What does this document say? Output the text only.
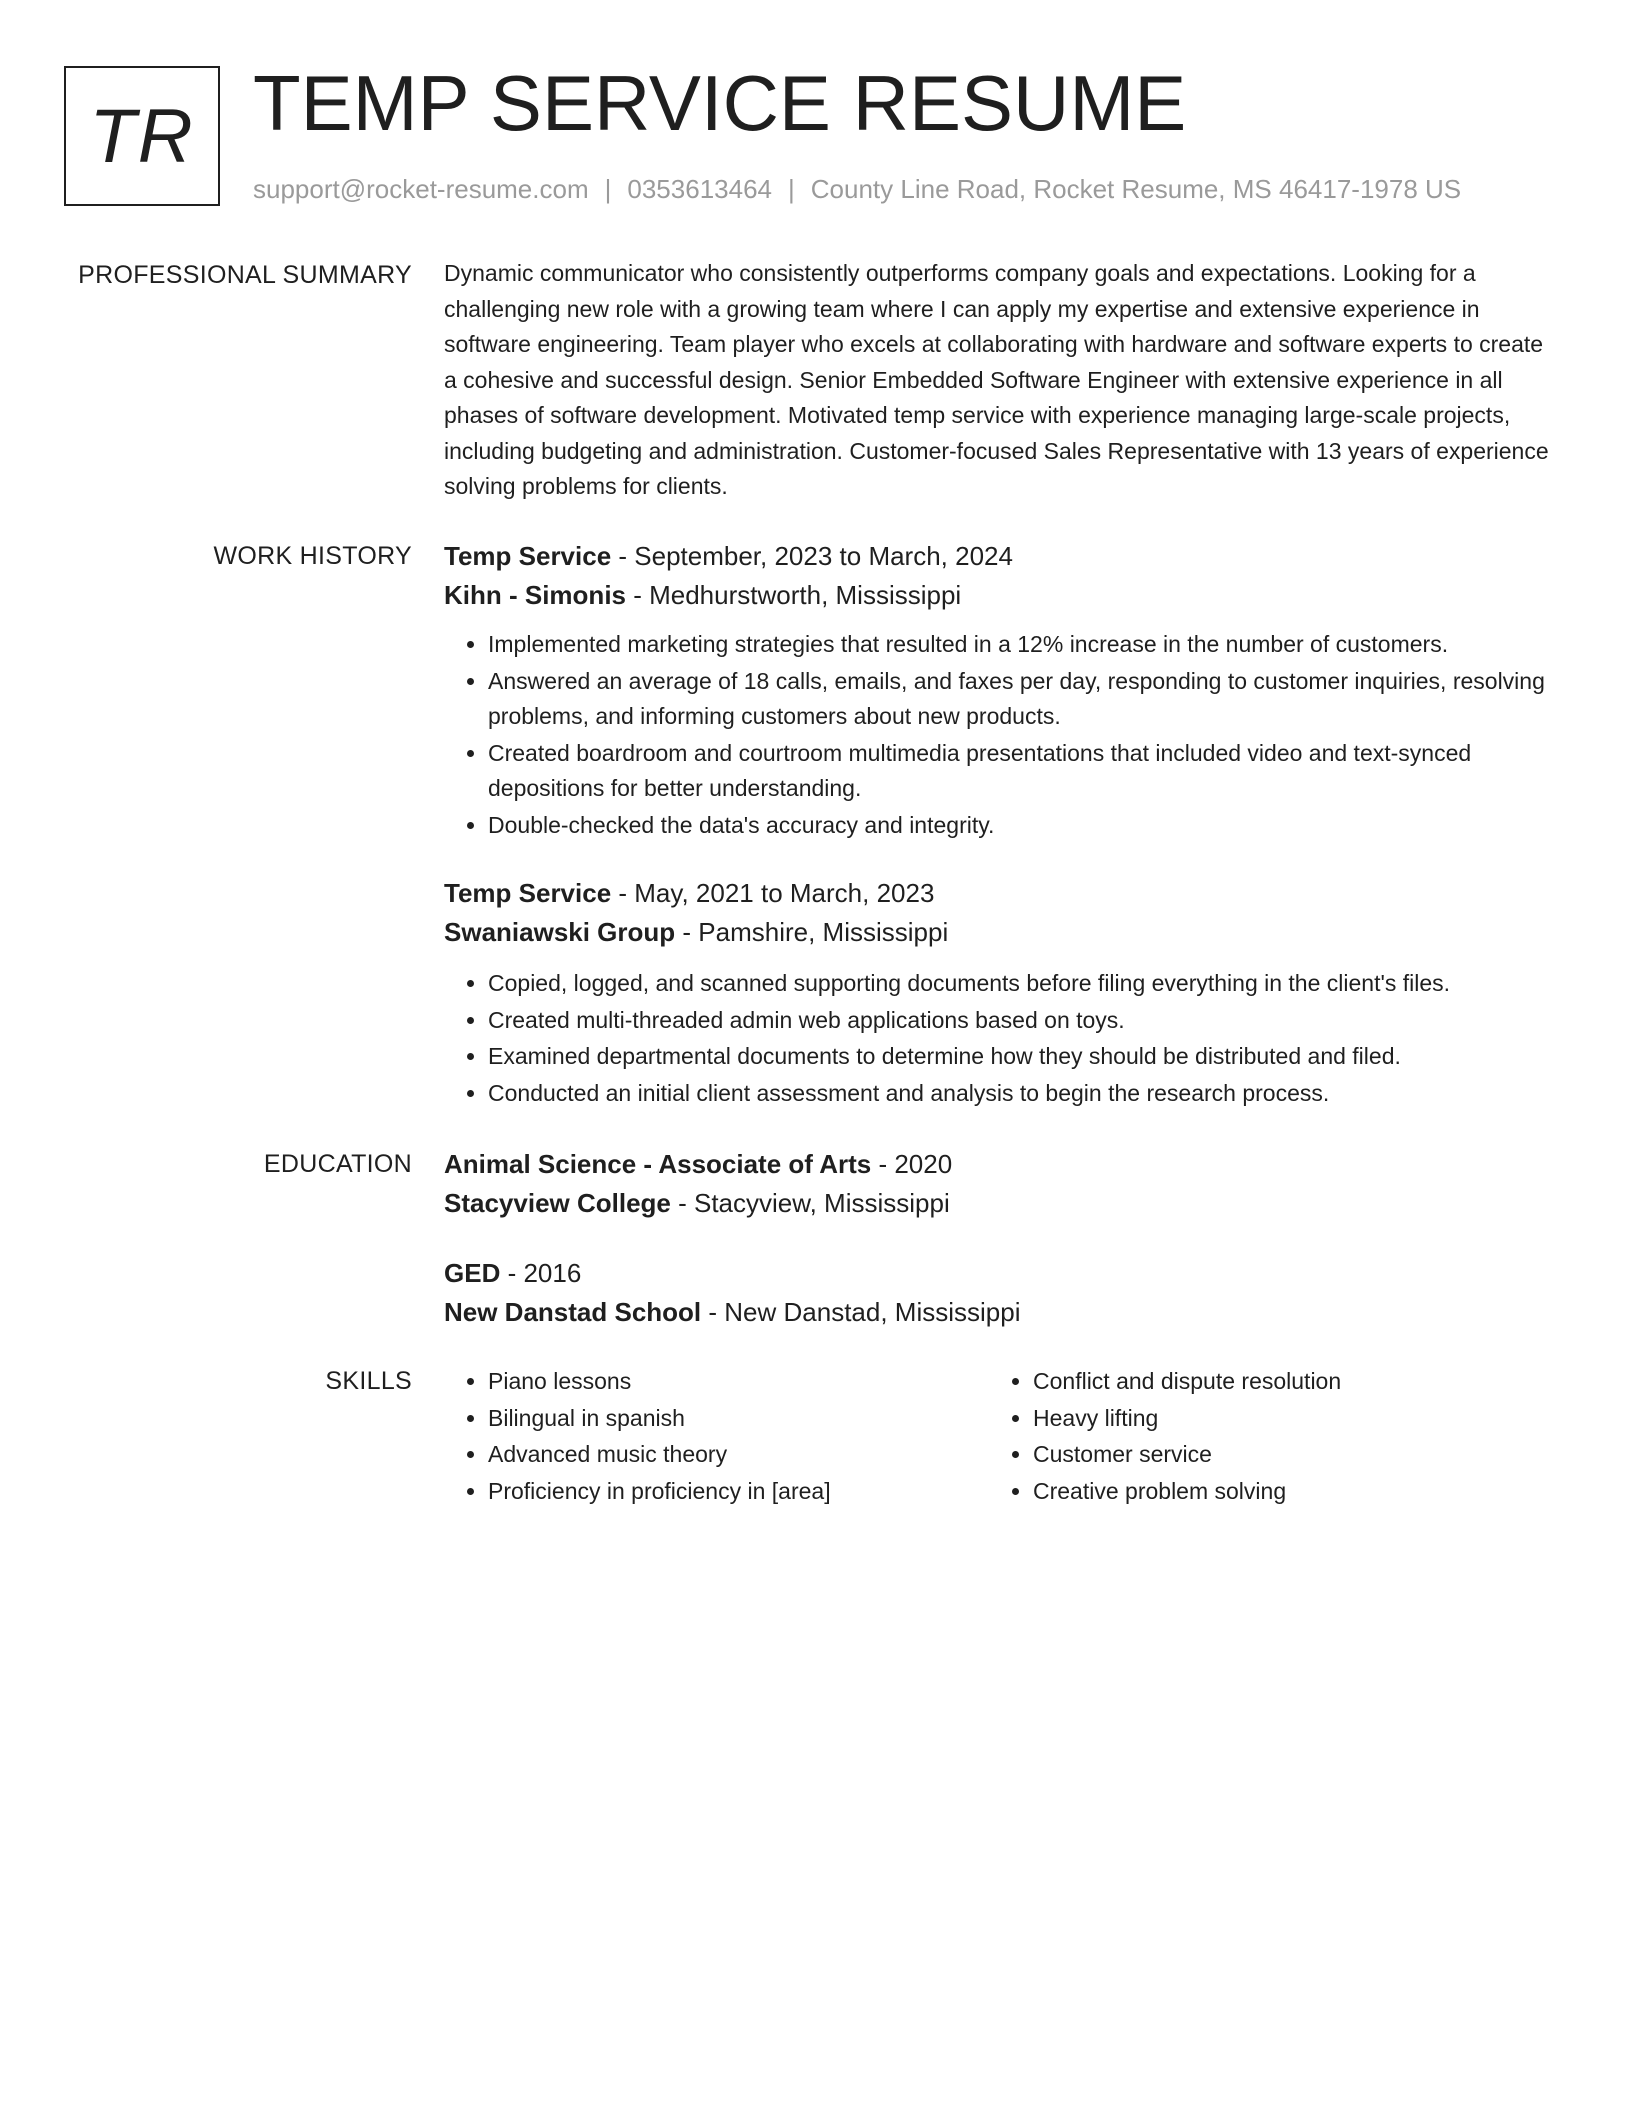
TR TEMP SERVICE RESUME
support@rocket-resume.com | 0353613464 | County Line Road, Rocket Resume, MS 46417-1978 US
PROFESSIONAL SUMMARY Dynamic communicator who consistently outperforms company goals and expectations. Looking for a challenging new role with a growing team where I can apply my expertise and extensive experience in software engineering. Team player who excels at collaborating with hardware and software experts to create a cohesive and successful design. Senior Embedded Software Engineer with extensive experience in all phases of software development. Motivated temp service with experience managing large-scale projects, including budgeting and administration. Customer-focused Sales Representative with 13 years of experience solving problems for clients.

WORK HISTORY Temp Service - September, 2023 to March, 2024
Kihn - Simonis - Medhurstworth, Mississippi
• Implemented marketing strategies that resulted in a 12% increase in the number of customers.
• Answered an average of 18 calls, emails, and faxes per day, responding to customer inquiries, resolving problems, and informing customers about new products.
• Created boardroom and courtroom multimedia presentations that included video and text-synced depositions for better understanding.
• Double-checked the data's accuracy and integrity.
Temp Service - May, 2021 to March, 2023
Swaniawski Group - Pamshire, Mississippi
• Copied, logged, and scanned supporting documents before filing everything in the client's files.
• Created multi-threaded admin web applications based on toys.
• Examined departmental documents to determine how they should be distributed and filed.
• Conducted an initial client assessment and analysis to begin the research process.
EDUCATION Animal Science - Associate of Arts - 2020
Stacyview College - Stacyview, Mississippi
GED - 2016
New Danstad School - New Danstad, Mississippi
SKILLS
•	Piano lessons
• Bilingual in spanish
• Advanced music theory
• Proficiency in proficiency in [area]
• Conflict and dispute resolution
• Heavy lifting
• Customer service
• Creative problem solving
